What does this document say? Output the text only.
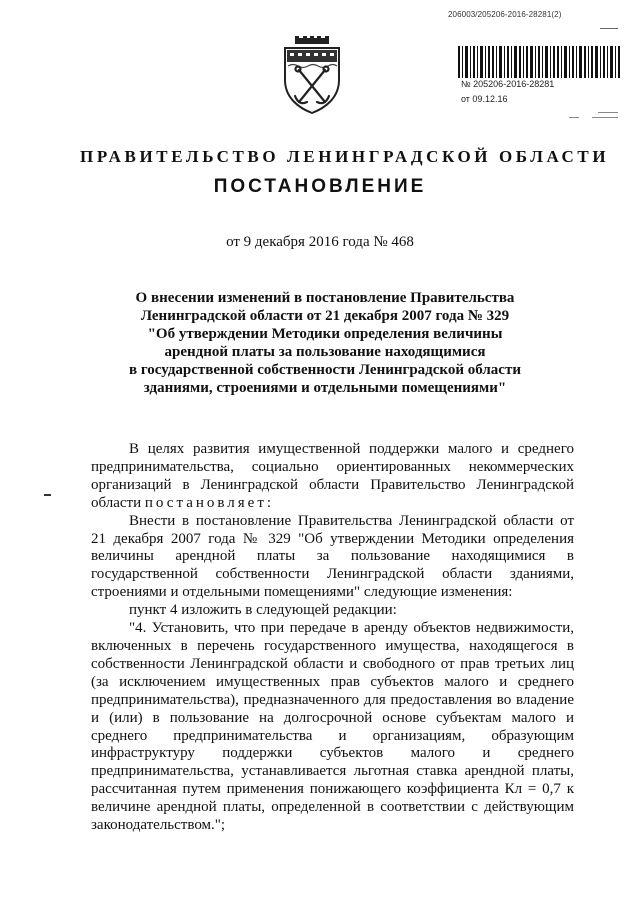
206003/205206-2016-28281(2)
№ 205206-2016-28281
от 09.12.16
ПРАВИТЕЛЬСТВО ЛЕНИНГРАДСКОЙ ОБЛАСТИ
ПОСТАНОВЛЕНИЕ
от 9 декабря 2016 года № 468
О внесении изменений в постановление Правительства
Ленинградской области от 21 декабря 2007 года № 329
"Об утверждении Методики определения величины
арендной платы за пользование находящимися
в государственной собственности Ленинградской области
зданиями, строениями и отдельными помещениями"

В целях развития имущественной поддержки малого и среднего предпринимательства, социально ориентированных некоммерческих организаций в Ленинградской области Правительство Ленинградской области постановляет:

Внести в постановление Правительства Ленинградской области от 21 декабря 2007 года № 329 "Об утверждении Методики определения величины арендной платы за пользование находящимися в государственной собственности Ленинградской области зданиями, строениями и отдельными помещениями" следующие изменения:

пункт 4 изложить в следующей редакции:

"4. Установить, что при передаче в аренду объектов недвижимости, включенных в перечень государственного имущества, находящегося в собственности Ленинградской области и свободного от прав третьих лиц (за исключением имущественных прав субъектов малого и среднего предпринимательства), предназначенного для предоставления во владение и (или) в пользование на долгосрочной основе субъектам малого и среднего предпринимательства и организациям, образующим инфраструктуру поддержки субъектов малого и среднего предпринимательства, устанавливается льготная ставка арендной платы, рассчитанная путем применения понижающего коэффициента Кл = 0,7 к величине арендной платы, определенной в соответствии с действующим законодательством.";
